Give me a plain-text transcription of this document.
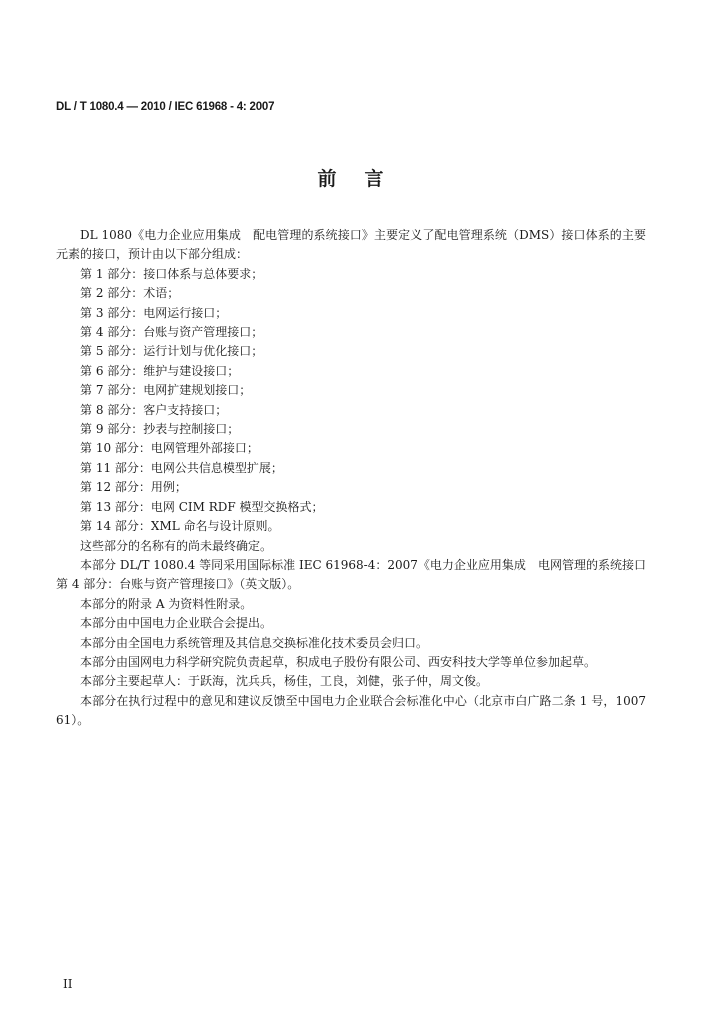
DL / T 1080.4 — 2010 / IEC 61968 - 4: 2007
前言

DL 1080《电力企业应用集成　配电管理的系统接口》主要定义了配电管理系统（DMS）接口体系的主要元素的接口，预计由以下部分组成：

第 1 部分：接口体系与总体要求；

第 2 部分：术语；

第 3 部分：电网运行接口；

第 4 部分：台账与资产管理接口；

第 5 部分：运行计划与优化接口；

第 6 部分：维护与建设接口；

第 7 部分：电网扩建规划接口；

第 8 部分：客户支持接口；

第 9 部分：抄表与控制接口；

第 10 部分：电网管理外部接口；

第 11 部分：电网公共信息模型扩展；

第 12 部分：用例；

第 13 部分：电网 CIM RDF 模型交换格式；

第 14 部分：XML 命名与设计原则。

这些部分的名称有的尚未最终确定。

本部分 DL/T 1080.4 等同采用国际标准 IEC 61968-4：2007《电力企业应用集成　电网管理的系统接口　第 4 部分：台账与资产管理接口》（英文版）。

本部分的附录 A 为资料性附录。

本部分由中国电力企业联合会提出。

本部分由全国电力系统管理及其信息交换标准化技术委员会归口。

本部分由国网电力科学研究院负责起草，积成电子股份有限公司、西安科技大学等单位参加起草。

本部分主要起草人：于跃海，沈兵兵，杨佳，工良，刘健，张子仲，周文俊。

本部分在执行过程中的意见和建议反馈至中国电力企业联合会标准化中心（北京市白广路二条 1 号，100761）。

II
